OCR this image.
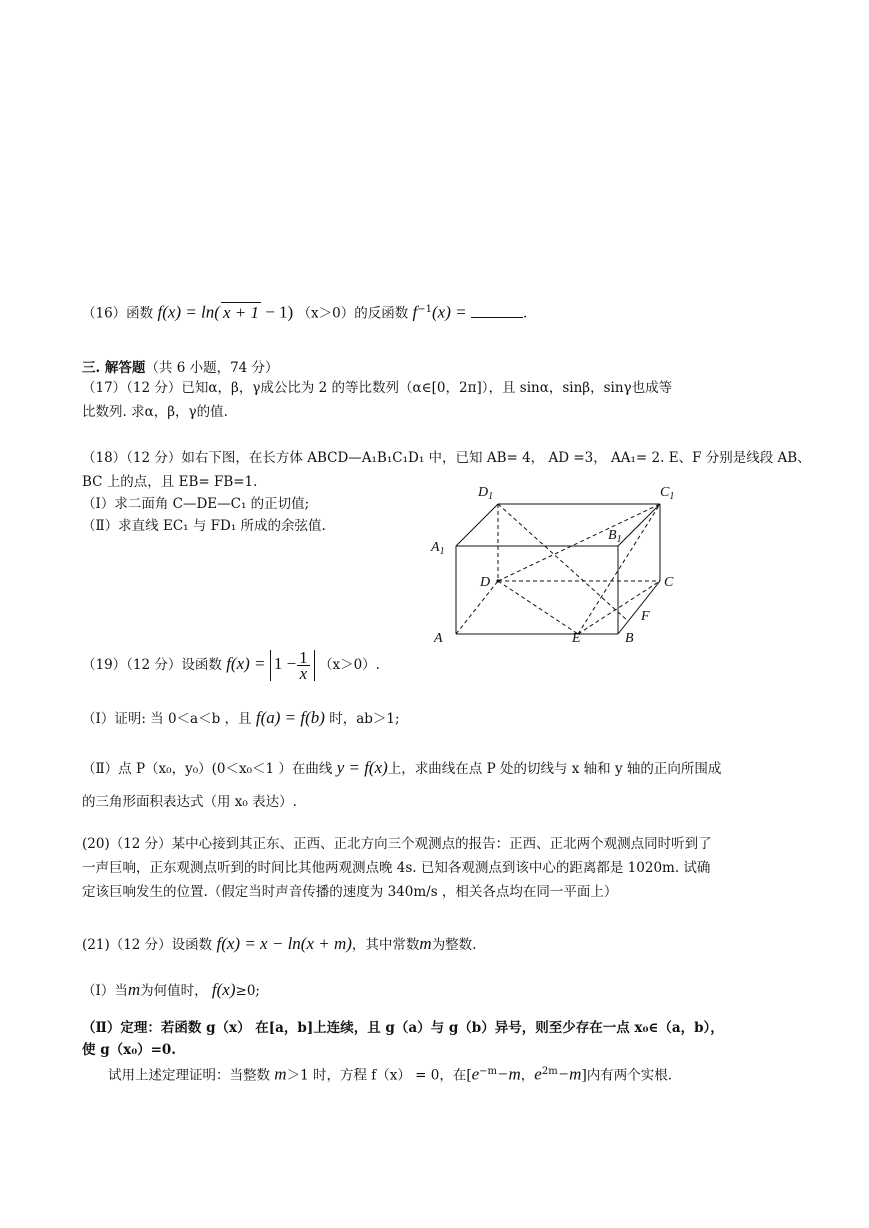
（16）函数 f(x) = ln( x + 1 − 1) （x＞0）的反函数 $f^{-1}(x)$ =	.
三. 解答题（共 6 小题，74 分）
（17）（12 分）已知α，β，γ成公比为 2 的等比数列（α∈[0，2π]），且 sinα，sinβ，sinγ也成等
比数列. 求α，β，γ的值.
（18）（12 分）如右下图，在长方体 ABCD—A₁B₁C₁D₁ 中，已知 AB= 4， AD =3， AA₁= 2. E、F 分别是线段 AB、
BC 上的点，且 EB= FB=1.
（Ⅰ）求二面角 C—DE—C₁ 的正切值;
（Ⅱ）求直线 EC₁ 与 FD₁ 所成的余弦值.
$D_1$	$C_1$
$B_1$
$A_1$
D	C
A	E	B
F
（19）（12 分）设函数 $f(x) = 1 - \frac{1}{x} (x>0)$.
（Ⅰ）证明: 当 0＜a＜b ，且 f(a) = f(b) 时，ab＞1;
（Ⅱ）点 P（x₀，y₀）(0＜x₀＜1 ）在曲线 y = f(x)上，求曲线在点 P 处的切线与 x 轴和 y 轴的正向所围成
的三角形面积表达式（用 x₀ 表达）.
(20)（12 分）某中心接到其正东、正西、正北方向三个观测点的报告：正西、正北两个观测点同时听到了
一声巨响，正东观测点听到的时间比其他两观测点晚 4s. 已知各观测点到该中心的距离都是 1020m. 试确
定该巨响发生的位置.（假定当时声音传播的速度为 340m/s ，相关各点均在同一平面上）
(21)（12 分）设函数 f(x) = x − ln(x + m)，其中常数m为整数.
（Ⅰ）当m为何值时， f(x)≥0;
（Ⅱ）定理：若函数 g（x） 在[a，b]上连续，且 g（a）与 g（b）异号，则至少存在一点 x₀∈（a，b），
使 g（x₀）=0.
试用上述定理证明：当整数 m＞1 时，方程 f（x） = 0，在[$e^{-m}-m$，$e^{2m}-m$]内有两个实根.
